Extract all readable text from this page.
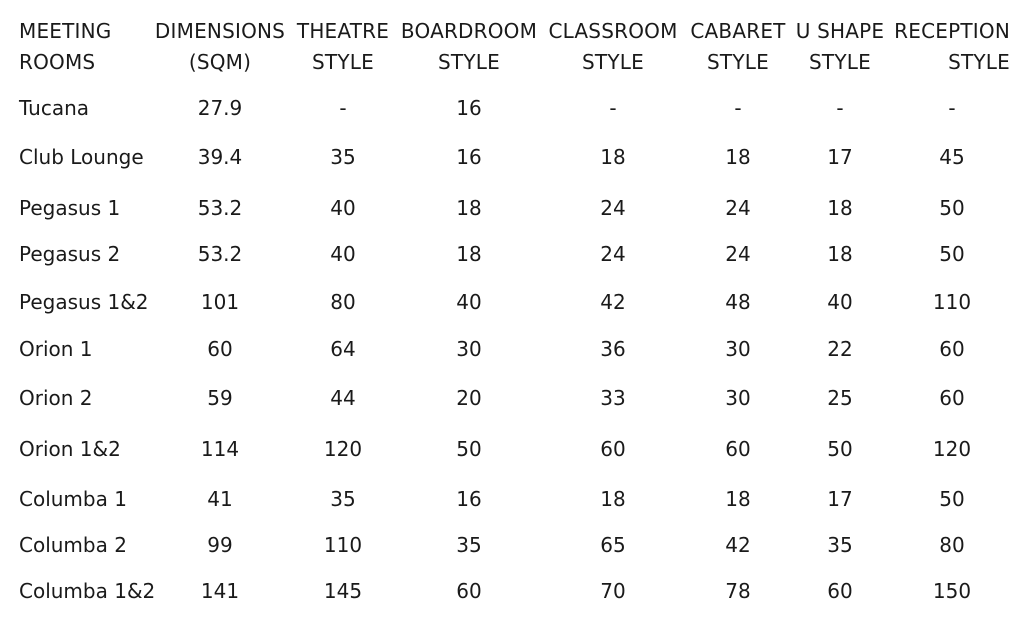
MEETING
ROOMS
Tucana
Club Lounge
Pegasus 1
Pegasus 2
Pegasus 1&2
Orion 1
Orion 2
Orion 1&2
Columba 1
Columba 2
Columba 1&2
DIMENSIONS
(SQM)
27.9
39.4
53.2
53.2
101
60
59
114
41
99
141
THEATRE
STYLE
-
35
40
40
80
64
44
120
35
110
145
BOARDROOM
STYLE
16
16
18
18
40
30
20
50
16
35
60
CLASSROOM
STYLE
-
18
24
24
42
36
33
60
18
65
70
CABARET
STYLE
-
18
24
24
48
30
30
60
18
42
78
U SHAPE
STYLE
-
17
18
18
40
22
25
50
17
35
60
RECEPTION
STYLE
-
45
50
50
110
60
60
120
50
80
150
